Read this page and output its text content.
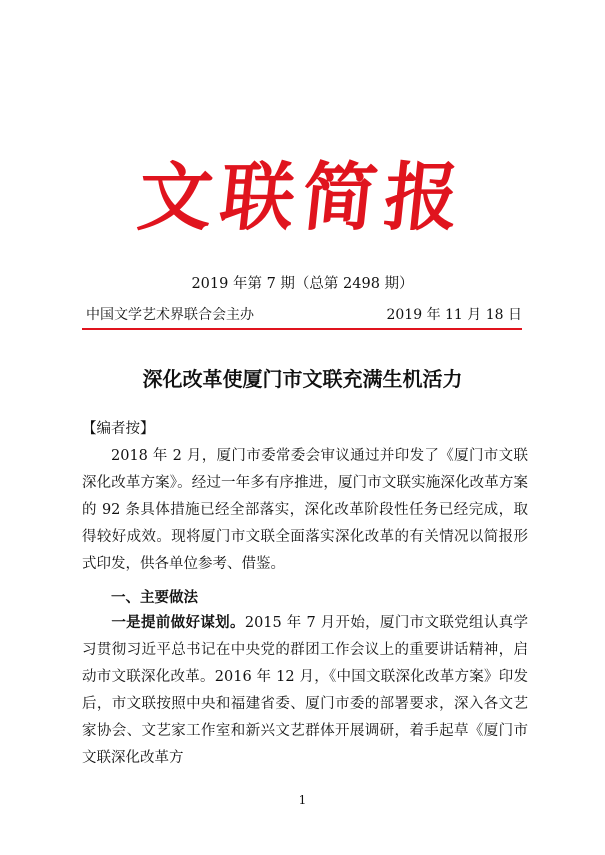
文联简报
2019 年第 7 期（总第 2498 期）
中国文学艺术界联合会主办	2019 年 11 月 18 日
深化改革使厦门市文联充满生机活力
【编者按】
2018 年 2 月，厦门市委常委会审议通过并印发了《厦门市文联深化改革方案》。经过一年多有序推进，厦门市文联实施深化改革方案的 92 条具体措施已经全部落实，深化改革阶段性任务已经完成，取得较好成效。现将厦门市文联全面落实深化改革的有关情况以简报形式印发，供各单位参考、借鉴。
一、主要做法
一是提前做好谋划。2015 年 7 月开始，厦门市文联党组认真学习贯彻习近平总书记在中央党的群团工作会议上的重要讲话精神，启动市文联深化改革。2016 年 12 月，《中国文联深化改革方案》印发后，市文联按照中央和福建省委、厦门市委的部署要求，深入各文艺家协会、文艺家工作室和新兴文艺群体开展调研，着手起草《厦门市文联深化改革方
1
